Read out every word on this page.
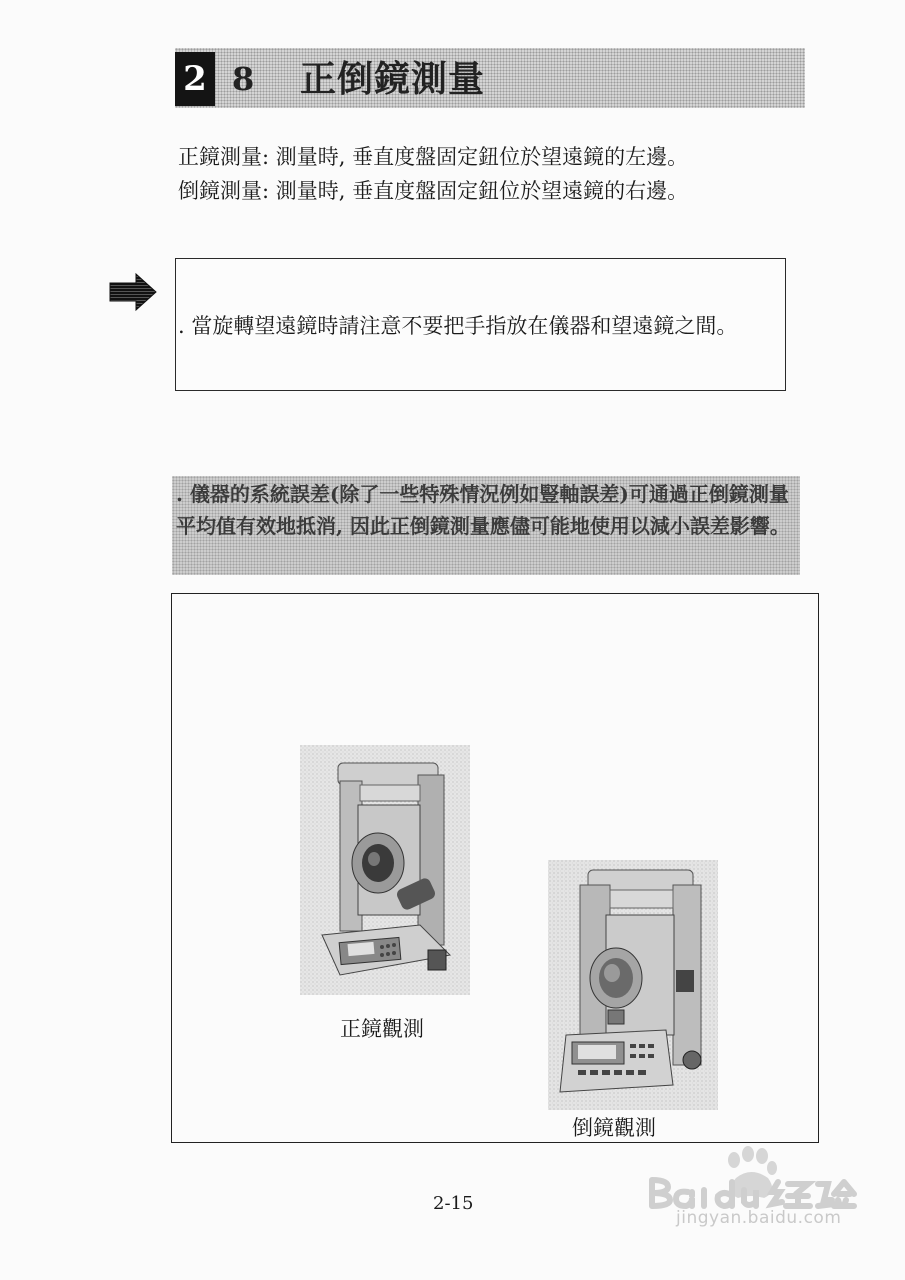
2 8 正倒鏡測量
正鏡測量: 測量時, 垂直度盤固定鈕位於望遠鏡的左邊。
倒鏡測量: 測量時, 垂直度盤固定鈕位於望遠鏡的右邊。
. 當旋轉望遠鏡時請注意不要把手指放在儀器和望遠鏡之間。
. 儀器的系統誤差(除了一些特殊情況例如豎軸誤差)可通過正倒鏡測量平均值有效地抵消, 因此正倒鏡測量應儘可能地使用以減小誤差影響。
正鏡觀測
倒鏡觀測
2-15
jingyan.baidu.com
